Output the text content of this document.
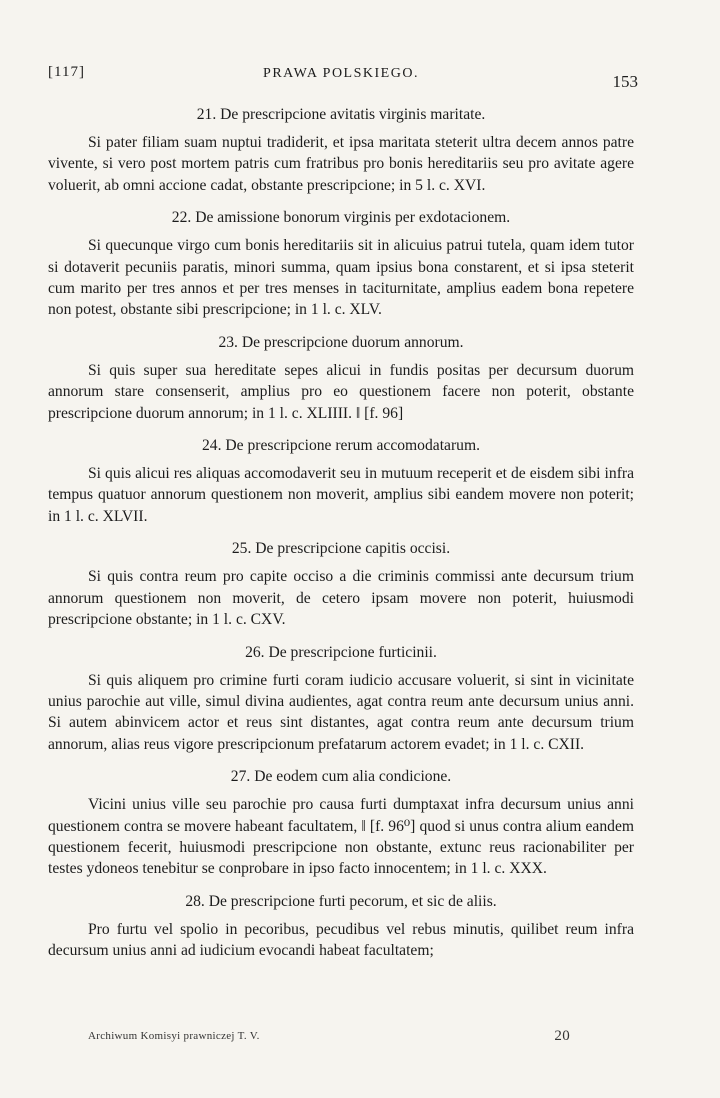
[117]	PRAWA POLSKIEGO.	153

21. De prescripcione avitatis virginis maritate.

Si pater filiam suam nuptui tradiderit, et ipsa maritata steterit ultra decem annos patre vivente, si vero post mortem patris cum fratribus pro bonis hereditariis seu pro avitate agere voluerit, ab omni accione cadat, obstante prescripcione; in 5 l. c. XVI.

22. De amissione bonorum virginis per exdotacionem.

Si quecunque virgo cum bonis hereditariis sit in alicuius patrui tutela, quam idem tutor si dotaverit pecuniis paratis, minori summa, quam ipsius bona constarent, et si ipsa steterit cum marito per tres annos et per tres menses in taciturnitate, amplius eadem bona repetere non potest, obstante sibi prescripcione; in 1 l. c. XLV.

23. De prescripcione duorum annorum.

Si quis super sua hereditate sepes alicui in fundis positas per decursum duorum annorum stare consenserit, amplius pro eo questionem facere non poterit, obstante prescripcione duorum annorum; in 1 l. c. XLIIII. ‖ [f. 96]

24. De prescripcione rerum accomodatarum.

Si quis alicui res aliquas accomodaverit seu in mutuum receperit et de eisdem sibi infra tempus quatuor annorum questionem non moverit, amplius sibi eandem movere non poterit; in 1 l. c. XLVII.

25. De prescripcione capitis occisi.

Si quis contra reum pro capite occiso a die criminis commissi ante decursum trium annorum questionem non moverit, de cetero ipsam movere non poterit, huiusmodi prescripcione obstante; in 1 l. c. CXV.

26. De prescripcione furticinii.

Si quis aliquem pro crimine furti coram iudicio accusare voluerit, si sint in vicinitate unius parochie aut ville, simul divina audientes, agat contra reum ante decursum unius anni. Si autem abinvicem actor et reus sint distantes, agat contra reum ante decursum trium annorum, alias reus vigore prescripcionum prefatarum actorem evadet; in 1 l. c. CXII.

27. De eodem cum alia condicione.

Vicini unius ville seu parochie pro causa furti dumptaxat infra decursum unius anni questionem contra se movere habeant facultatem, ‖ [f. 96⁰] quod si unus contra alium eandem questionem fecerit, huiusmodi prescripcione non obstante, extunc reus racionabiliter per testes ydoneos tenebitur se conprobare in ipso facto innocentem; in 1 l. c. XXX.

28. De prescripcione furti pecorum, et sic de aliis.

Pro furtu vel spolio in pecoribus, pecudibus vel rebus minutis, quilibet reum infra decursum unius anni ad iudicium evocandi habeat facultatem;

Archiwum Komisyi prawniczej T. V.	20
